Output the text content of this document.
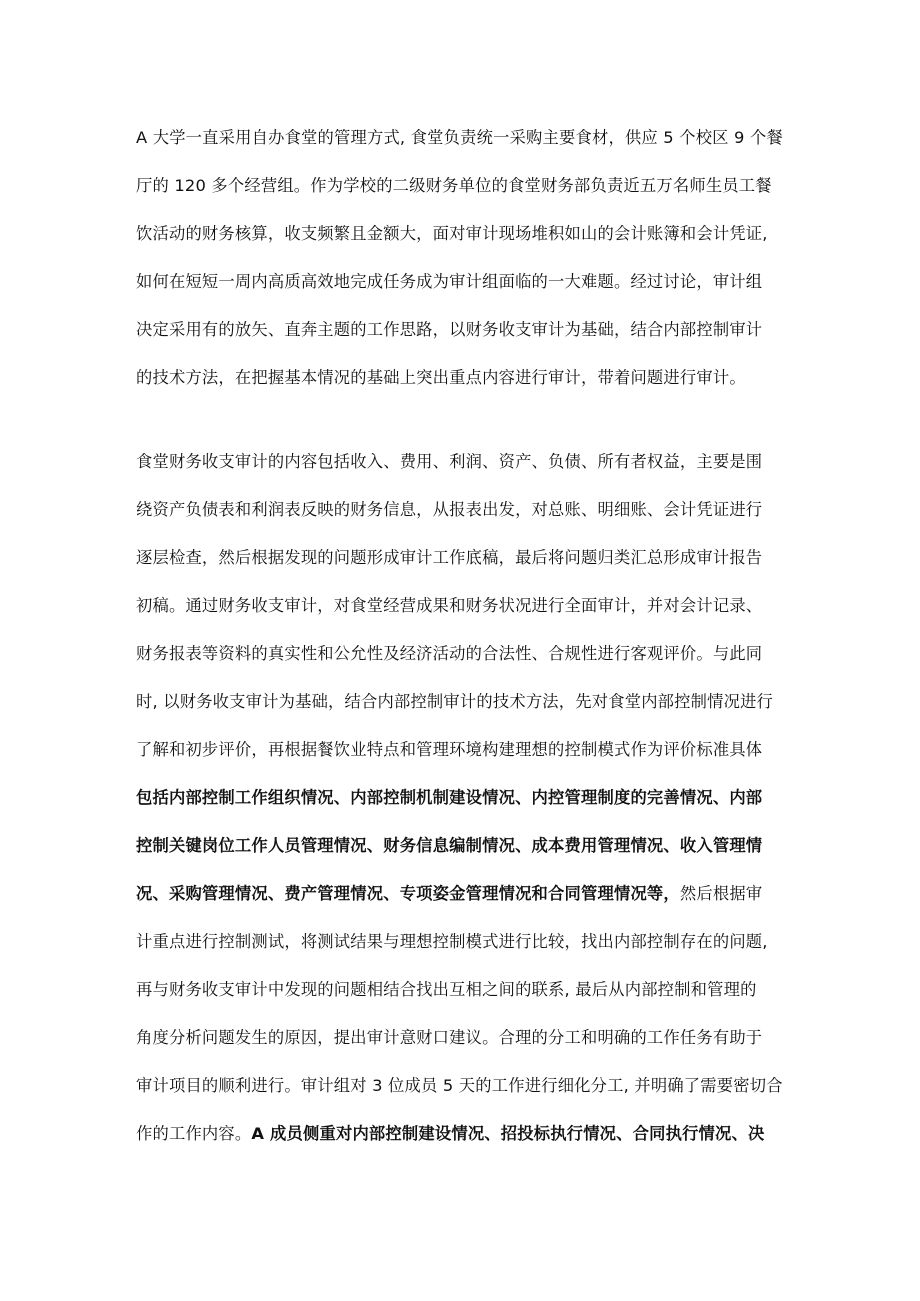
A 大学一直采用自办食堂的管理方式, 食堂负责统一采购主要食材，供应 5 个校区 9 个餐
厅的 120 多个经营组。作为学校的二级财务单位的食堂财务部负责近五万名师生员工餐
饮活动的财务核算，收支频繁且金额大，面对审计现场堆积如山的会计账簿和会计凭证,
如何在短短一周内高质高效地完成任务成为审计组面临的一大难题。经过讨论，审计组
决定采用有的放矢、直奔主题的工作思路，以财务收支审计为基础，结合内部控制审计
的技术方法，在把握基本情况的基础上突出重点内容进行审计，带着问题进行审计。
食堂财务收支审计的内容包括收入、费用、利润、资产、负债、所有者权益，主要是围
绕资产负债表和利润表反映的财务信息，从报表出发，对总账、明细账、会计凭证进行
逐层检查，然后根据发现的问题形成审计工作底稿，最后将问题归类汇总形成审计报告
初稿。通过财务收支审计，对食堂经营成果和财务状况进行全面审计，并对会计记录、
财务报表等资料的真实性和公允性及经济活动的合法性、合规性进行客观评价。与此同
时, 以财务收支审计为基础，结合内部控制审计的技术方法，先对食堂内部控制情况进行
了解和初步评价，再根据餐饮业特点和管理环境构建理想的控制模式作为评价标准具体
包括内部控制工作组织情况、内部控制机制建设情况、内控管理制度的完善情况、内部
控制关键岗位工作人员管理情况、财务信息编制情况、成本费用管理情况、收入管理情
况、采购管理情况、费产管理情况、专项姿金管理情况和合同管理情况等，然后根据审
计重点进行控制测试，将测试结果与理想控制模式进行比较，找出内部控制存在的问题,
再与财务收支审计中发现的问题相结合找出互相之间的联系, 最后从内部控制和管理的
角度分析问题发生的原因，提出审计意财口建议。合理的分工和明确的工作任务有助于
审计项目的顺利进行。审计组对 3 位成员 5 天的工作进行细化分工, 并明确了需要密切合
作的工作内容。A 成员侧重对内部控制建设情况、招投标执行情况、合同执行情况、决
